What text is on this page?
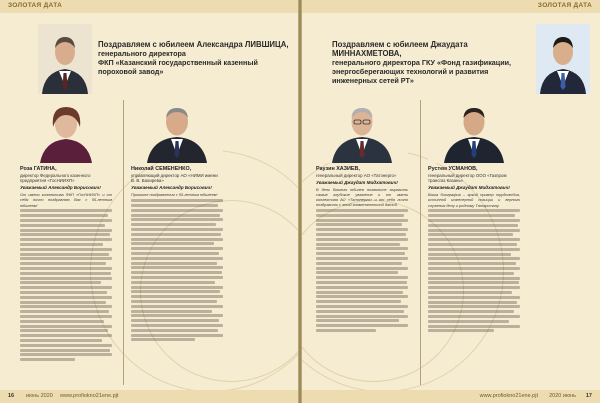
ЗОЛОТАЯ ДАТА
Поздравляем с юбилеем Александра ЛИВШИЦА,
генерального директора
ФКП «Казанский государственный казенный
пороховой завод»
Роза ГАТИНА,
директор Федерального казенного предприятия «ГосНИИХП»
Уважаемый Александр Борисович!
От имени коллектива ФКП «ГосНИИХП» и от себя лично поздравляю Вас с 55-летним юбилеем!
Николай СЕМЕНЕНКО,
управляющий директор АО «НИМИ имени В. В. Бахирева»
Уважаемый Александр Борисович!
Примите поздравления с 55-летним юбилеем!
16 июнь 2020 www.profiokno21ene.pjt
ЗОЛОТАЯ ДАТА
Поздравляем с юбилеем Джаудата МИННАХМЕТОВА,
генерального директора ГКУ «Фонд газификации,
энергосберегающих технологий и развития
инженерных сетей РТ»
Раузин ХАЗИЕВ,
генеральный директор АО «Татэнерго»
Уважаемый Джаудат Мидхатович!
В день Вашего юбилея позвольте выразить самые глубокие уважение и от имени коллектива АО «Татэнерго» и от себя лично поздравить с этой знаменательной датой.
Рустем УСМАНОВ,
генеральный директор ООО «Газпром трансгаз Казань»
Уважаемый Джаудат Мидхатович!
Ваша биография – яркий пример трудолюбия, истинной инженерной позиции и верного служения делу и родному Татарстану.
www.profiokno21ene.pjt 2020 июнь 17
